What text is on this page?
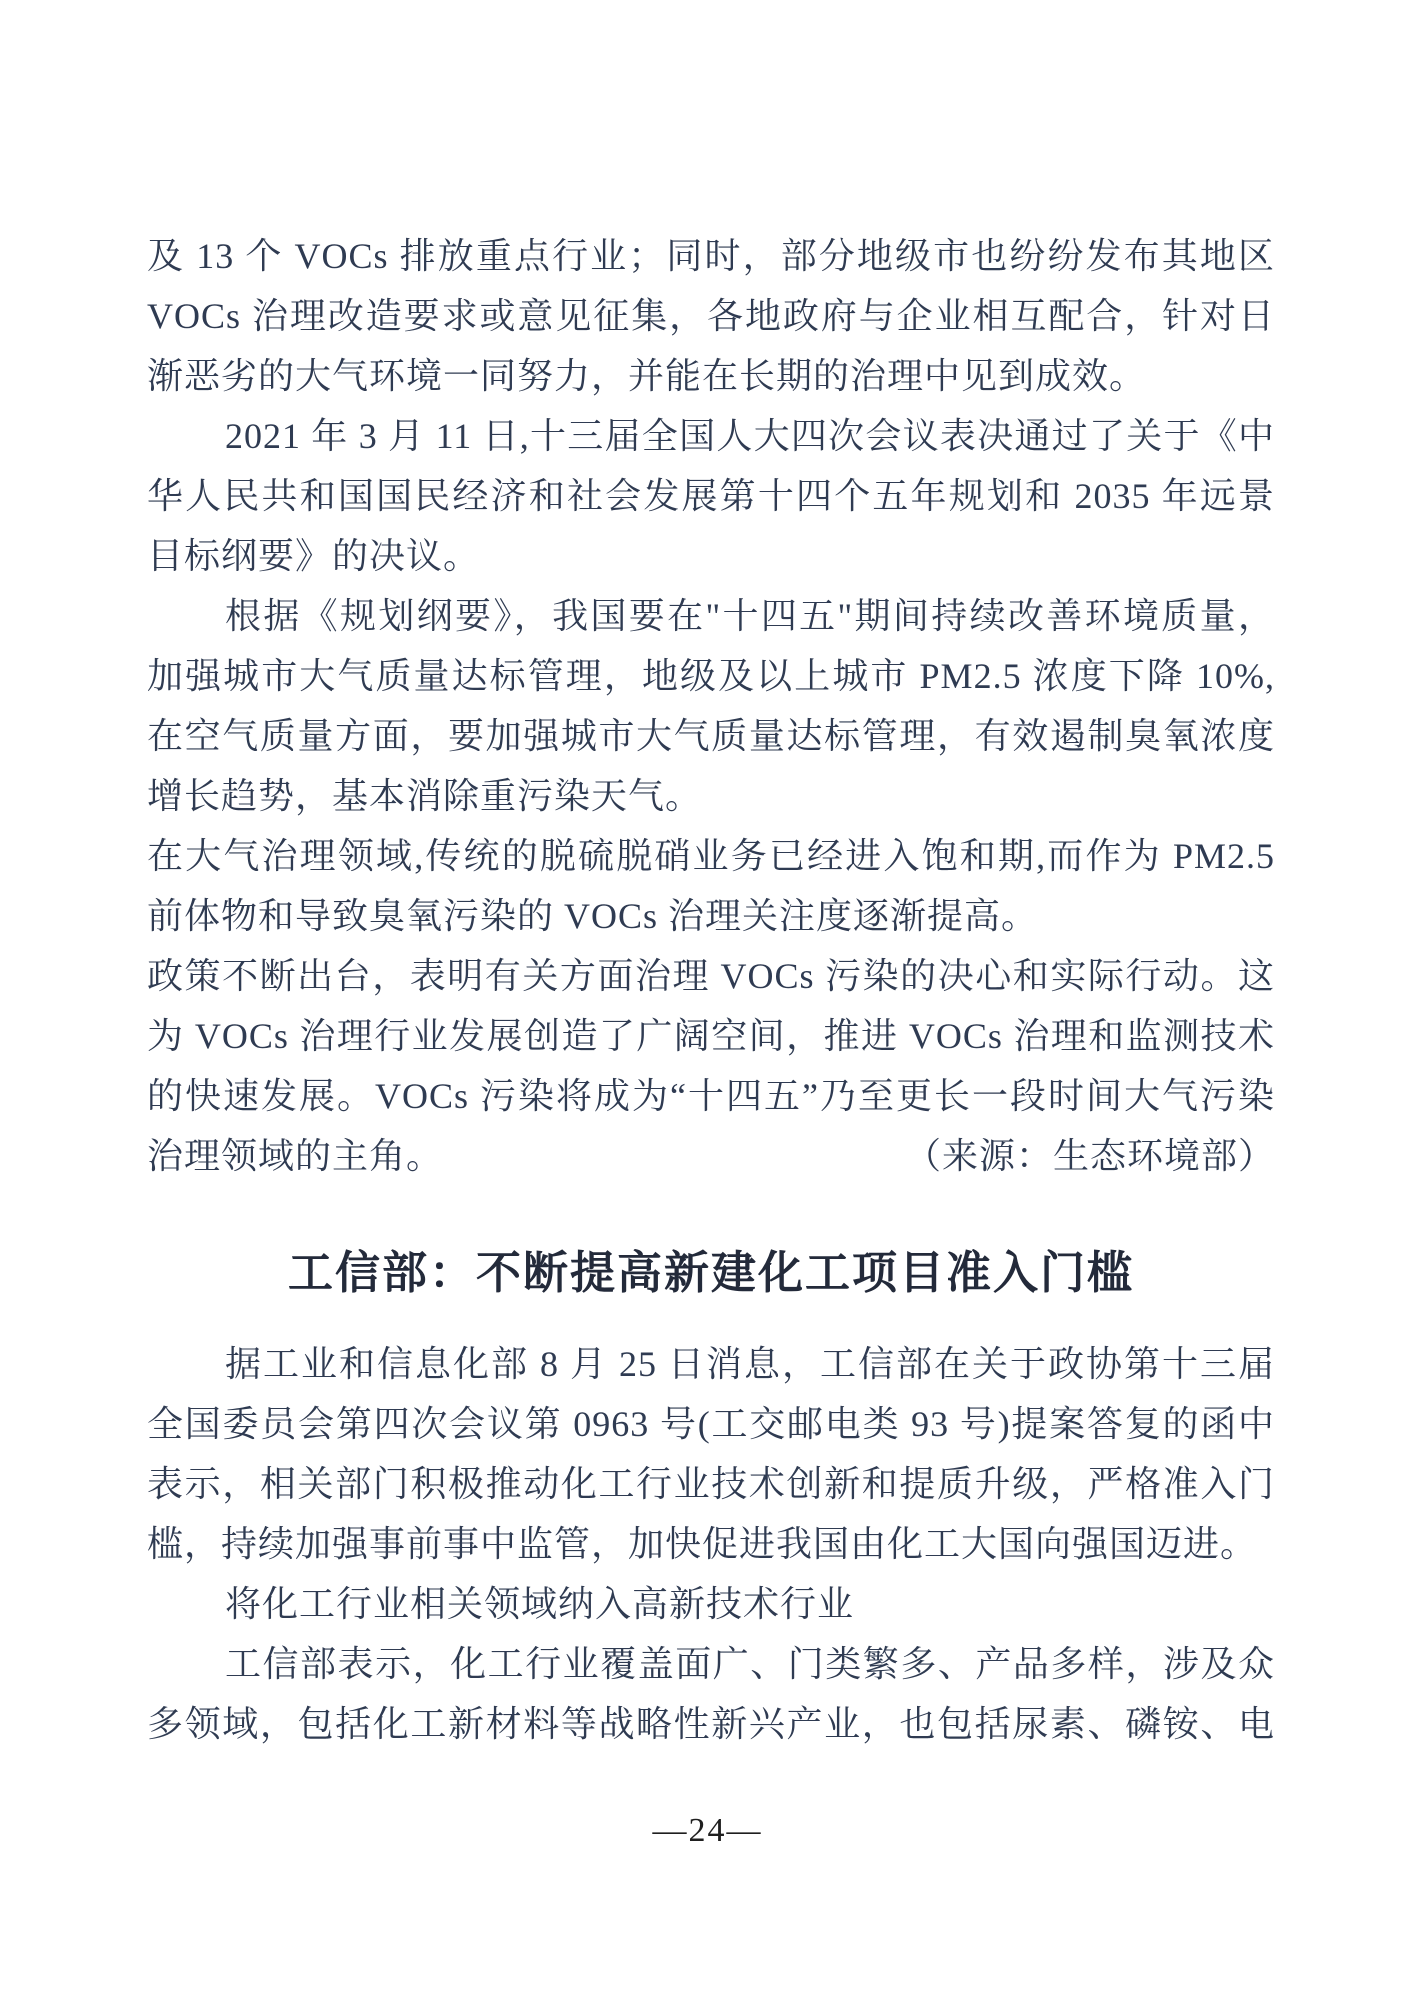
及 13 个 VOCs 排放重点行业；同时，部分地级市也纷纷发布其地区
VOCs 治理改造要求或意见征集，各地政府与企业相互配合，针对日
渐恶劣的大气环境一同努力，并能在长期的治理中见到成效。
2021 年 3 月 11 日,十三届全国人大四次会议表决通过了关于《中
华人民共和国国民经济和社会发展第十四个五年规划和 2035 年远景
目标纲要》的决议。
根据《规划纲要》，我国要在"十四五"期间持续改善环境质量，
加强城市大气质量达标管理，地级及以上城市 PM2.5 浓度下降 10%,
在空气质量方面，要加强城市大气质量达标管理，有效遏制臭氧浓度
增长趋势，基本消除重污染天气。
在大气治理领域,传统的脱硫脱硝业务已经进入饱和期,而作为 PM2.5
前体物和导致臭氧污染的 VOCs 治理关注度逐渐提高。
政策不断出台，表明有关方面治理 VOCs 污染的决心和实际行动。这
为 VOCs 治理行业发展创造了广阔空间，推进 VOCs 治理和监测技术
的快速发展。VOCs 污染将成为“十四五”乃至更长一段时间大气污染
治理领域的主角。	（来源：生态环境部）
工信部：不断提高新建化工项目准入门槛
据工业和信息化部 8 月 25 日消息，工信部在关于政协第十三届
全国委员会第四次会议第 0963 号(工交邮电类 93 号)提案答复的函中
表示，相关部门积极推动化工行业技术创新和提质升级，严格准入门
槛，持续加强事前事中监管，加快促进我国由化工大国向强国迈进。
将化工行业相关领域纳入高新技术行业
工信部表示，化工行业覆盖面广、门类繁多、产品多样，涉及众
多领域，包括化工新材料等战略性新兴产业，也包括尿素、磷铵、电
—24—
